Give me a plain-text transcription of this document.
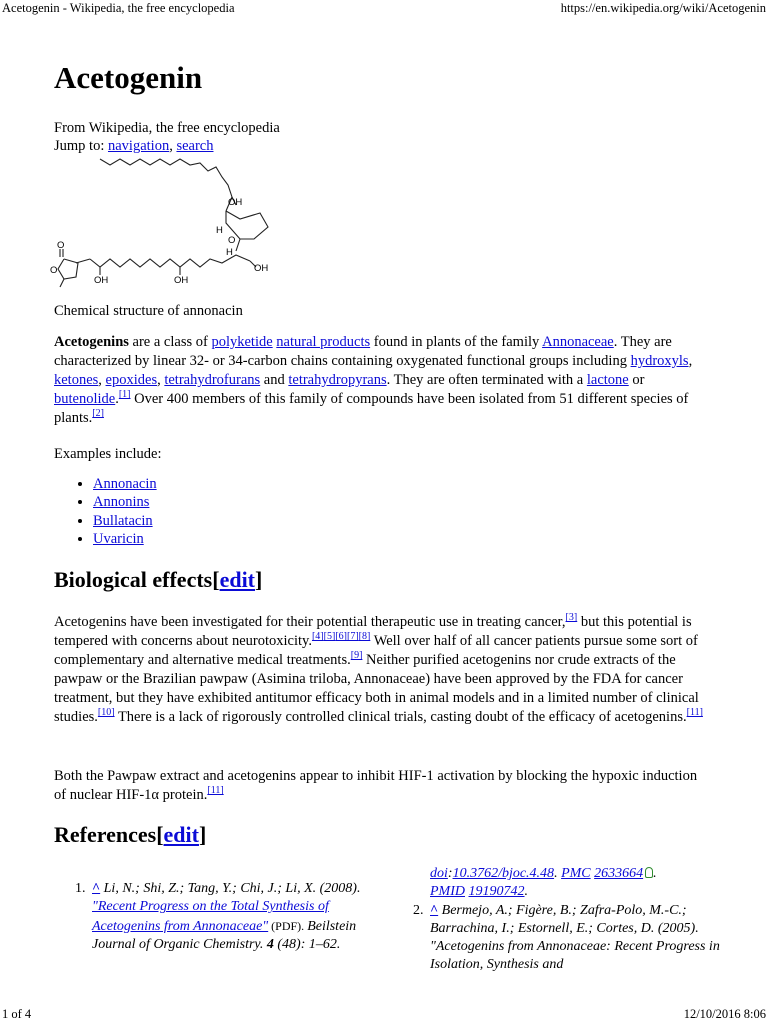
Acetogenin - Wikipedia, the free encyclopedia	https://en.wikipedia.org/wiki/Acetogenin
1 of 4	12/10/2016 8:06
Acetogenin
From Wikipedia, the free encyclopedia
Jump to: navigation, search
OH
H
O
H
OH
O
O
OH	OH
Chemical structure of annonacin
Acetogenins are a class of polyketide natural products found in plants of the family Annonaceae. They are characterized by linear 32- or 34-carbon chains containing oxygenated functional groups including hydroxyls, ketones, epoxides, tetrahydrofurans and tetrahydropyrans. They are often terminated with a lactone or butenolide.[1] Over 400 members of this family of compounds have been isolated from 51 different species of plants.[2]
Examples include:
• Annonacin
• Annonins
• Bullatacin
• Uvaricin
Biological effects[edit]
Acetogenins have been investigated for their potential therapeutic use in treating cancer,[3] but this potential is tempered with concerns about neurotoxicity.[4][5][6][7][8] Well over half of all cancer patients pursue some sort of complementary and alternative medical treatments.[9] Neither purified acetogenins nor crude extracts of the pawpaw or the Brazilian pawpaw (Asimina triloba, Annonaceae) have been approved by the FDA for cancer treatment, but they have exhibited antitumor efficacy both in animal models and in a limited number of clinical studies.[10] There is a lack of rigorously controlled clinical trials, casting doubt of the efficacy of acetogenins.[11]
Both the Pawpaw extract and acetogenins appear to inhibit HIF-1 activation by blocking the hypoxic induction of nuclear HIF-1α protein.[11]
References[edit]
1. ^ Li, N.; Shi, Z.; Tang, Y.; Chi, J.; Li, X. (2008). "Recent Progress on the Total Synthesis of Acetogenins from Annonaceae" (PDF). Beilstein Journal of Organic Chemistry. 4 (48): 1–62.
doi:10.3762/bjoc.4.48. PMC 2633664 .
PMID 19190742.
2. ^ Bermejo, A.; Figère, B.; Zafra-Polo, M.-C.; Barrachina, I.; Estornell, E.; Cortes, D. (2005). "Acetogenins from Annonaceae: Recent Progress in Isolation, Synthesis and
